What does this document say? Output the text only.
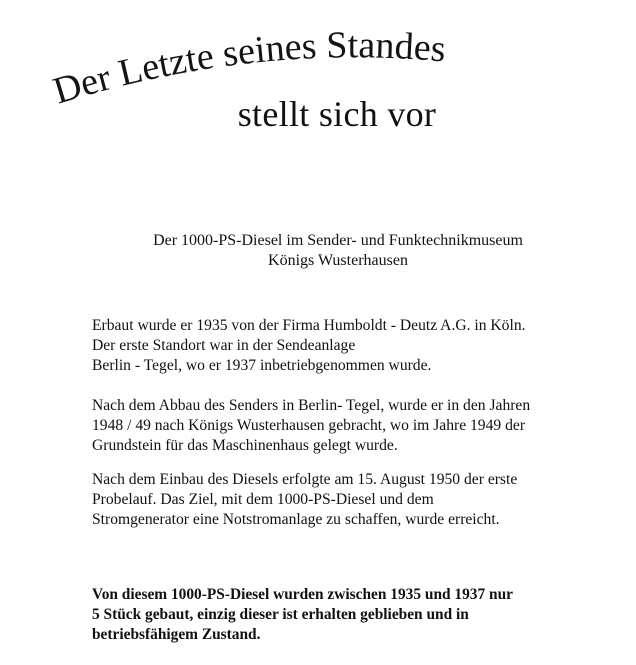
Der Letzte seines Standes
stellt sich vor
Der 1000-PS-Diesel im Sender- und Funktechnikmuseum
Königs Wusterhausen
Erbaut wurde er 1935 von der Firma Humboldt - Deutz A.G. in Köln.
Der erste Standort war in der Sendeanlage
Berlin - Tegel, wo er 1937 inbetriebgenommen wurde.
Nach dem Abbau des Senders in Berlin- Tegel, wurde er in den Jahren
1948 / 49 nach Königs Wusterhausen gebracht, wo im Jahre 1949 der
Grundstein für das Maschinenhaus gelegt wurde.
Nach dem Einbau des Diesels erfolgte am 15. August 1950 der erste
Probelauf. Das Ziel, mit dem 1000-PS-Diesel und dem
Stromgenerator eine Notstromanlage zu schaffen, wurde erreicht.
Von diesem 1000-PS-Diesel wurden zwischen 1935 und 1937 nur
5 Stück gebaut, einzig dieser ist erhalten geblieben und in
betriebsfähigem Zustand.
